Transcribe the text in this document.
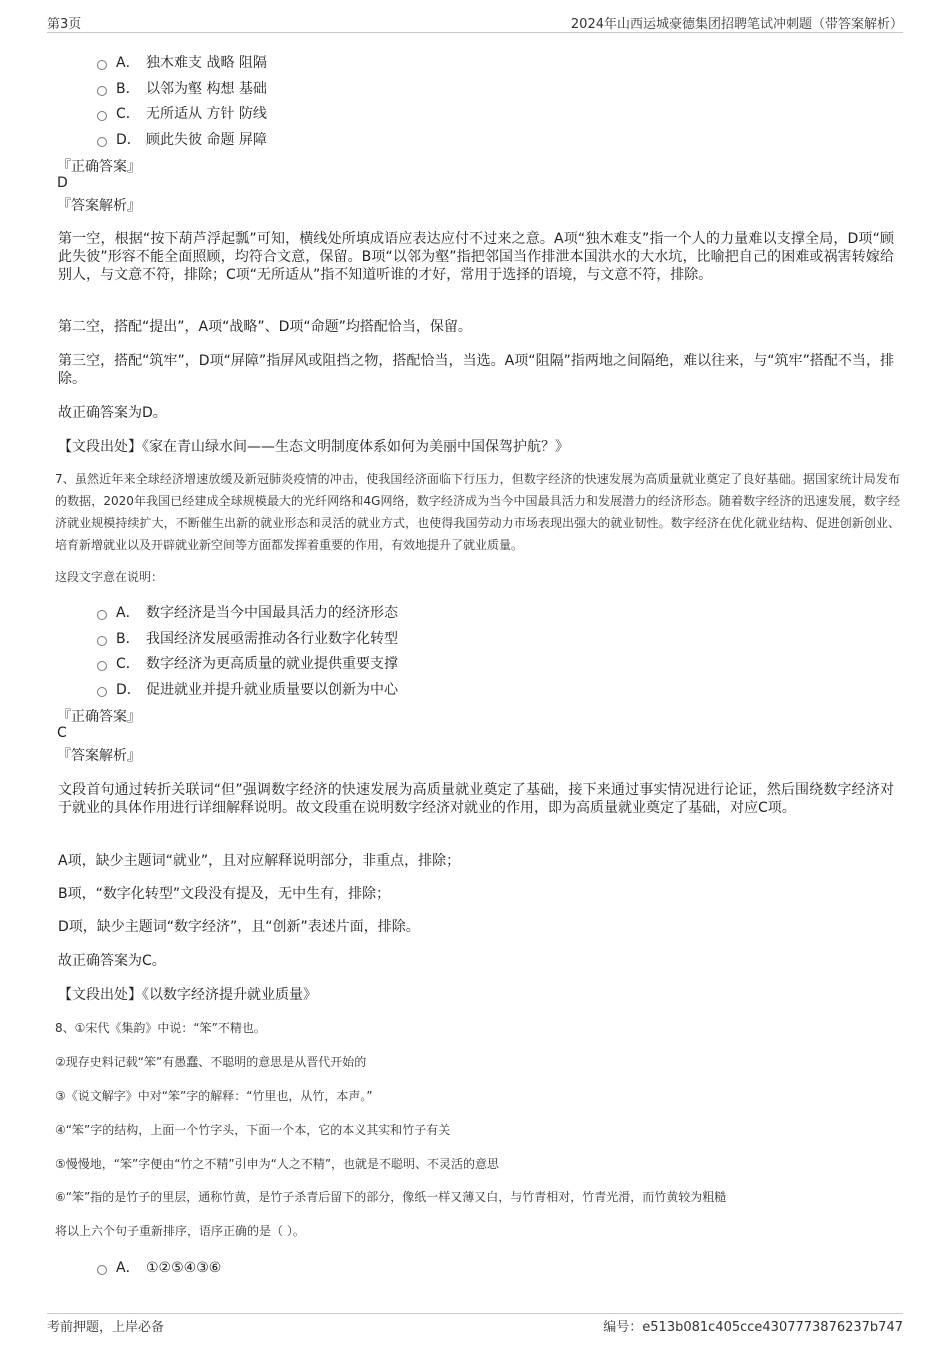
第3页	2024年山西运城豪德集团招聘笔试冲刺题（带答案解析）
A． 独木难支 战略 阻隔
B． 以邻为壑 构想 基础
C． 无所适从 方针 防线
D． 顾此失彼 命题 屏障
『正确答案』
D
『答案解析』
第一空，根据“按下葫芦浮起瓢”可知，横线处所填成语应表达应付不过来之意。A项“独木难支”指一个人的力量难以支撑全局，D项“顾此失彼”形容不能全面照顾，均符合文意，保留。B项“以邻为壑”指把邻国当作排泄本国洪水的大水坑，比喻把自己的困难或祸害转嫁给别人，与文意不符，排除；C项“无所适从”指不知道听谁的才好，常用于选择的语境，与文意不符，排除。
第二空，搭配“提出”，A项“战略”、D项“命题”均搭配恰当，保留。
第三空，搭配“筑牢”，D项“屏障”指屏风或阻挡之物，搭配恰当，当选。A项“阻隔”指两地之间隔绝，难以往来，与“筑牢”搭配不当，排除。
故正确答案为D。
【文段出处】《家在青山绿水间——生态文明制度体系如何为美丽中国保驾护航？》
7、虽然近年来全球经济增速放缓及新冠肺炎疫情的冲击，使我国经济面临下行压力，但数字经济的快速发展为高质量就业奠定了良好基础。据国家统计局发布的数据，2020年我国已经建成全球规模最大的光纤网络和4G网络，数字经济成为当今中国最具活力和发展潜力的经济形态。随着数字经济的迅速发展，数字经济就业规模持续扩大，不断催生出新的就业形态和灵活的就业方式，也使得我国劳动力市场表现出强大的就业韧性。数字经济在优化就业结构、促进创新创业、培育新增就业以及开辟就业新空间等方面都发挥着重要的作用，有效地提升了就业质量。
这段文字意在说明：
A． 数字经济是当今中国最具活力的经济形态
B． 我国经济发展亟需推动各行业数字化转型
C． 数字经济为更高质量的就业提供重要支撑
D． 促进就业并提升就业质量要以创新为中心
『正确答案』
C
『答案解析』
文段首句通过转折关联词“但”强调数字经济的快速发展为高质量就业奠定了基础，接下来通过事实情况进行论证，然后围绕数字经济对于就业的具体作用进行详细解释说明。故文段重在说明数字经济对就业的作用，即为高质量就业奠定了基础，对应C项。
A项，缺少主题词“就业”，且对应解释说明部分，非重点，排除；
B项，“数字化转型”文段没有提及，无中生有，排除；
D项，缺少主题词“数字经济”，且“创新”表述片面，排除。
故正确答案为C。
【文段出处】《以数字经济提升就业质量》
8、①宋代《集韵》中说：“笨”不精也。
②现存史料记载“笨”有愚蠢、不聪明的意思是从晋代开始的
③《说文解字》中对“笨”字的解释：“竹里也，从竹，本声。”
④“笨”字的结构，上面一个竹字头，下面一个本，它的本义其实和竹子有关
⑤慢慢地，“笨”字便由“竹之不精”引申为“人之不精”，也就是不聪明、不灵活的意思
⑥“笨”指的是竹子的里层，通称竹黄，是竹子杀青后留下的部分，像纸一样又薄又白，与竹青相对，竹青光滑，而竹黄较为粗糙
将以上六个句子重新排序，语序正确的是（ ）。
A． ①②⑤④③⑥
考前押题，上岸必备	编号：e513b081c405cce4307773876237b747
